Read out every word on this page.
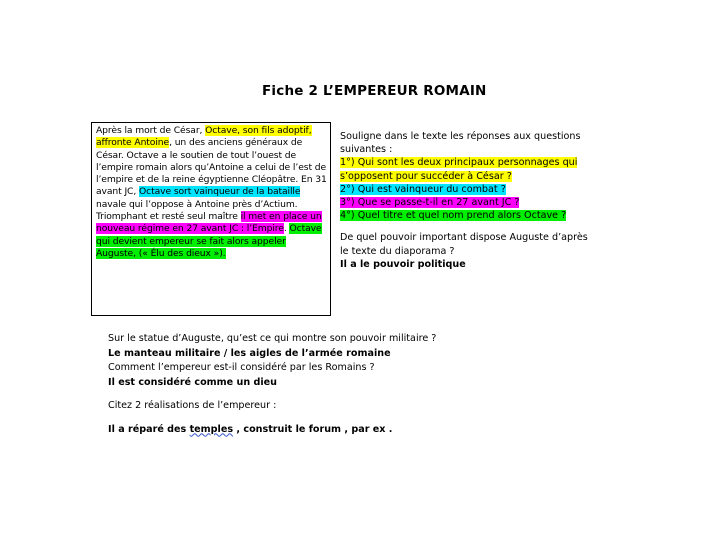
Fiche 2 L’EMPEREUR ROMAIN
Après la mort de César, Octave, son fils adoptif, affronte Antoine, un des anciens généraux de César. Octave a le soutien de tout l’ouest de l’empire romain alors qu’Antoine a celui de l’est de l’empire et de la reine égyptienne Cléopâtre. En 31 avant JC, Octave sort vainqueur de la bataille navale qui l’oppose à Antoine près d’Actium. Triomphant et resté seul maître il met en place un nouveau régime en 27 avant JC : l’Empire. Octave qui devient empereur se fait alors appeler Auguste, (« Élu des dieux »).
Souligne dans le texte les réponses aux questions
suivantes :
1°) Qui sont les deux principaux personnages qui
s’opposent pour succéder à César ?
2°) Qui est vainqueur du combat ?
3°) Que se passe-t-il en 27 avant JC ?
4°) Quel titre et quel nom prend alors Octave ?
De quel pouvoir important dispose Auguste d’après
le texte du diaporama ?
Il a le pouvoir politique
Sur le statue d’Auguste, qu’est ce qui montre son pouvoir militaire ?
Le manteau militaire / les aigles de l’armée romaine
Comment l’empereur est-il considéré par les Romains ?
Il est considéré comme un dieu
Citez 2 réalisations de l’empereur :
Il a réparé des temples , construit le forum , par ex .
